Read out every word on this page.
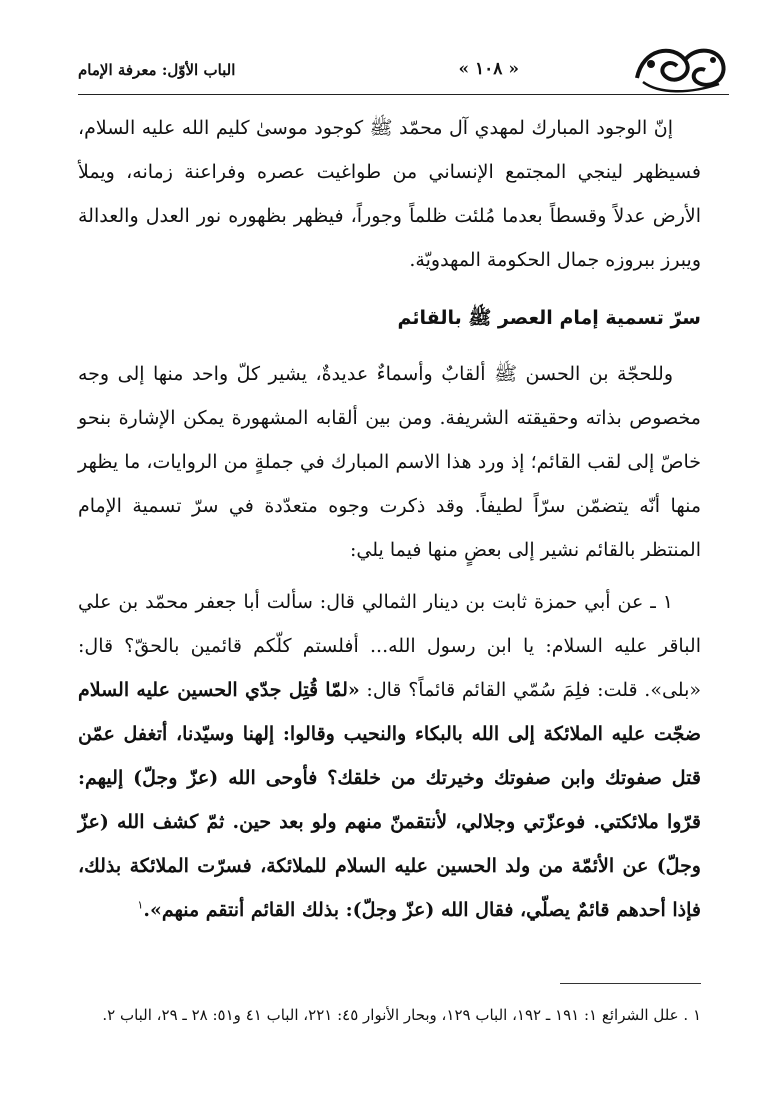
« ١٠٨ »
الباب الأوّل: معرفة الإمام

إنّ الوجود المبارك لمهدي آل محمّد ﷺ كوجود موسىٰ كليم الله عليه السلام، فسيظهر لينجي المجتمع الإنساني من طواغيت عصره وفراعنة زمانه، ويملأ الأرض عدلاً وقسطاً بعدما مُلئت ظلماً وجوراً، فيظهر بظهوره نور العدل والعدالة ويبرز ببروزه جمال الحكومة المهدويّة.

سرّ تسمية إمام العصر ﷺ بالقائم

وللحجّة بن الحسن ﷺ ألقابٌ وأسماءٌ عديدةٌ، يشير كلّ واحد منها إلى وجه مخصوص بذاته وحقيقته الشريفة. ومن بين ألقابه المشهورة يمكن الإشارة بنحو خاصّ إلى لقب القائم؛ إذ ورد هذا الاسم المبارك في جملةٍ من الروايات، ما يظهر منها أنّه يتضمّن سرّاً لطيفاً. وقد ذكرت وجوه متعدّدة في سرّ تسمية الإمام المنتظر بالقائم نشير إلى بعضٍ منها فيما يلي:

١ ـ عن أبي حمزة ثابت بن دينار الثمالي قال: سألت أبا جعفر محمّد بن علي الباقر عليه السلام: يا ابن رسول الله... أفلستم كلّكم قائمين بالحقّ؟ قال: «بلى». قلت: فلِمَ سُمّي القائم قائماً؟ قال: «لمّا قُتِل جدّي الحسين عليه السلام ضجّت عليه الملائكة إلى الله بالبكاء والنحيب وقالوا: إلهنا وسيّدنا، أتغفل عمّن قتل صفوتك وابن صفوتك وخيرتك من خلقك؟ فأوحى الله (عزّ وجلّ) إليهم: قرّوا ملائكتي. فوعزّتي وجلالي، لأنتقمنّ منهم ولو بعد حين. ثمّ كشف الله (عزّ وجلّ) عن الأئمّة من ولد الحسين عليه السلام للملائكة، فسرّت الملائكة بذلك، فإذا أحدهم قائمٌ يصلّي، فقال الله (عزّ وجلّ): بذلك القائم أنتقم منهم».$^١$

١ . علل الشرائع ١: ١٩١ ـ ١٩٢، الباب ١٢٩، وبحار الأنوار ٤٥: ٢٢١، الباب ٤١ و٥١: ٢٨ ـ ٢٩، الباب ٢.
